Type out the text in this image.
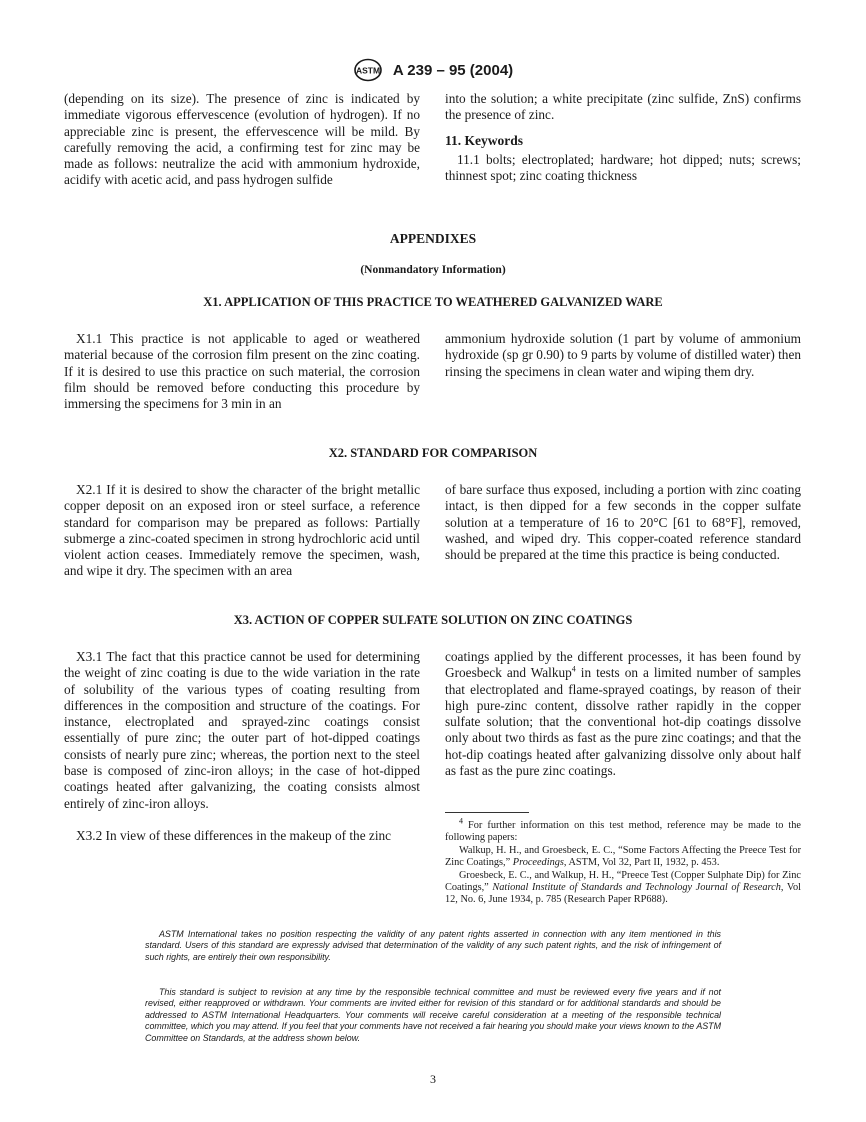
ASTM A 239 – 95 (2004)

(depending on its size). The presence of zinc is indicated by immediate vigorous effervescence (evolution of hydrogen). If no appreciable zinc is present, the effervescence will be mild. By carefully removing the acid, a confirming test for zinc may be made as follows: neutralize the acid with ammonium hydroxide, acidify with acetic acid, and pass hydrogen sulfide

into the solution; a white precipitate (zinc sulfide, ZnS) confirms the presence of zinc.

11. Keywords

11.1 bolts; electroplated; hardware; hot dipped; nuts; screws; thinnest spot; zinc coating thickness

APPENDIXES
(Nonmandatory Information)
X1. APPLICATION OF THIS PRACTICE TO WEATHERED GALVANIZED WARE

X1.1 This practice is not applicable to aged or weathered material because of the corrosion film present on the zinc coating. If it is desired to use this practice on such material, the corrosion film should be removed before conducting this procedure by immersing the specimens for 3 min in an

ammonium hydroxide solution (1 part by volume of ammonium hydroxide (sp gr 0.90) to 9 parts by volume of distilled water) then rinsing the specimens in clean water and wiping them dry.

X2. STANDARD FOR COMPARISON

X2.1 If it is desired to show the character of the bright metallic copper deposit on an exposed iron or steel surface, a reference standard for comparison may be prepared as follows: Partially submerge a zinc-coated specimen in strong hydrochloric acid until violent action ceases. Immediately remove the specimen, wash, and wipe it dry. The specimen with an area

of bare surface thus exposed, including a portion with zinc coating intact, is then dipped for a few seconds in the copper sulfate solution at a temperature of 16 to 20°C [61 to 68°F], removed, washed, and wiped dry. This copper-coated reference standard should be prepared at the time this practice is being conducted.

X3. ACTION OF COPPER SULFATE SOLUTION ON ZINC COATINGS

X3.1 The fact that this practice cannot be used for determining the weight of zinc coating is due to the wide variation in the rate of solubility of the various types of coating resulting from differences in the composition and structure of the coatings. For instance, electroplated and sprayed-zinc coatings consist essentially of pure zinc; the outer part of hot-dipped coatings consists of nearly pure zinc; whereas, the portion next to the steel base is composed of zinc-iron alloys; in the case of hot-dipped coatings heated after galvanizing, the coating consists almost entirely of zinc-iron alloys.

X3.2 In view of these differences in the makeup of the zinc

coatings applied by the different processes, it has been found by Groesbeck and Walkup$^4$ in tests on a limited number of samples that electroplated and flame-sprayed coatings, by reason of their high pure-zinc content, dissolve rather rapidly in the copper sulfate solution; that the conventional hot-dip coatings dissolve only about two thirds as fast as the pure zinc coatings; and that the hot-dip coatings heated after galvanizing dissolve only about half as fast as the pure zinc coatings.

$^4$ For further information on this test method, reference may be made to the following papers:

Walkup, H. H., and Groesbeck, E. C., “Some Factors Affecting the Preece Test for Zinc Coatings,” Proceedings, ASTM, Vol 32, Part II, 1932, p. 453.

Groesbeck, E. C., and Walkup, H. H., “Preece Test (Copper Sulphate Dip) for Zinc Coatings,” National Institute of Standards and Technology Journal of Research, Vol 12, No. 6, June 1934, p. 785 (Research Paper RP688).

ASTM International takes no position respecting the validity of any patent rights asserted in connection with any item mentioned in this standard. Users of this standard are expressly advised that determination of the validity of any such patent rights, and the risk of infringement of such rights, are entirely their own responsibility.

This standard is subject to revision at any time by the responsible technical committee and must be reviewed every five years and if not revised, either reapproved or withdrawn. Your comments are invited either for revision of this standard or for additional standards and should be addressed to ASTM International Headquarters. Your comments will receive careful consideration at a meeting of the responsible technical committee, which you may attend. If you feel that your comments have not received a fair hearing you should make your views known to the ASTM Committee on Standards, at the address shown below.

3
